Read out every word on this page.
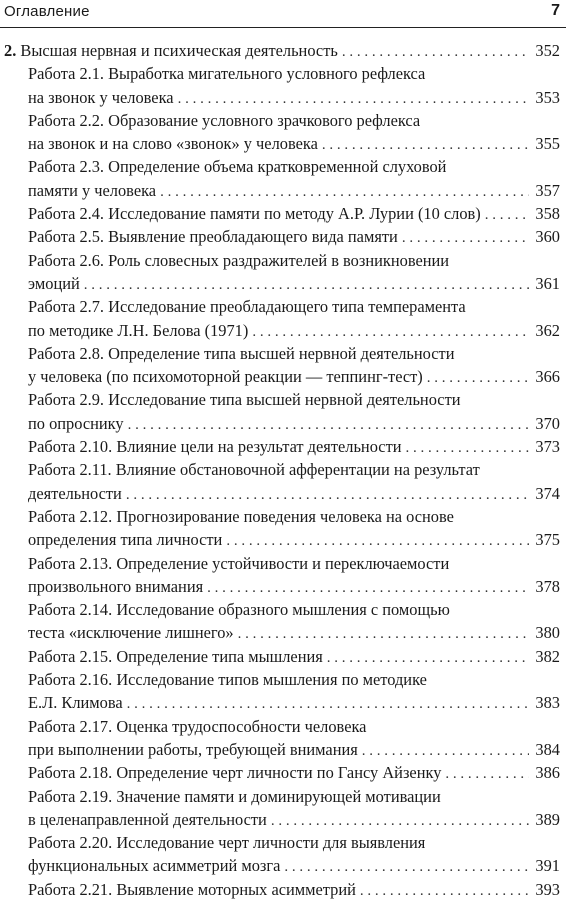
Оглавление	7
2. Высшая нервная и психическая деятельность . . .	352
Работа 2.1. Выработка мигательного условного рефлекса
на звонок у человека . . .	353
Работа 2.2. Образование условного зрачкового рефлекса
на звонок и на слово «звонок» у человека . . .	355
Работа 2.3. Определение объема кратковременной слуховой
памяти у человека . . .	357
Работа 2.4. Исследование памяти по методу А.Р. Лурии (10 слов) . . .	358
Работа 2.5. Выявление преобладающего вида памяти . . .	360
Работа 2.6. Роль словесных раздражителей в возникновении
эмоций . . .	361
Работа 2.7. Исследование преобладающего типа темперамента
по методике Л.Н. Белова (1971) . . .	362
Работа 2.8. Определение типа высшей нервной деятельности
у человека (по психомоторной реакции — теппинг-тест) . . .	366
Работа 2.9. Исследование типа высшей нервной деятельности
по опроснику . . .	370
Работа 2.10. Влияние цели на результат деятельности . . .	373
Работа 2.11. Влияние обстановочной афферентации на результат
деятельности . . .	374
Работа 2.12. Прогнозирование поведения человека на основе
определения типа личности . . .	375
Работа 2.13. Определение устойчивости и переключаемости
произвольного внимания . . .	378
Работа 2.14. Исследование образного мышления с помощью
теста «исключение лишнего» . . .	380
Работа 2.15. Определение типа мышления . . .	382
Работа 2.16. Исследование типов мышления по методике
Е.Л. Климова . . .	383
Работа 2.17. Оценка трудоспособности человека
при выполнении работы, требующей внимания . . .	384
Работа 2.18. Определение черт личности по Гансу Айзенку . . .	386
Работа 2.19. Значение памяти и доминирующей мотивации
в целенаправленной деятельности . . .	389
Работа 2.20. Исследование черт личности для выявления
функциональных асимметрий мозга . . .	391
Работа 2.21. Выявление моторных асимметрий . . .	393
